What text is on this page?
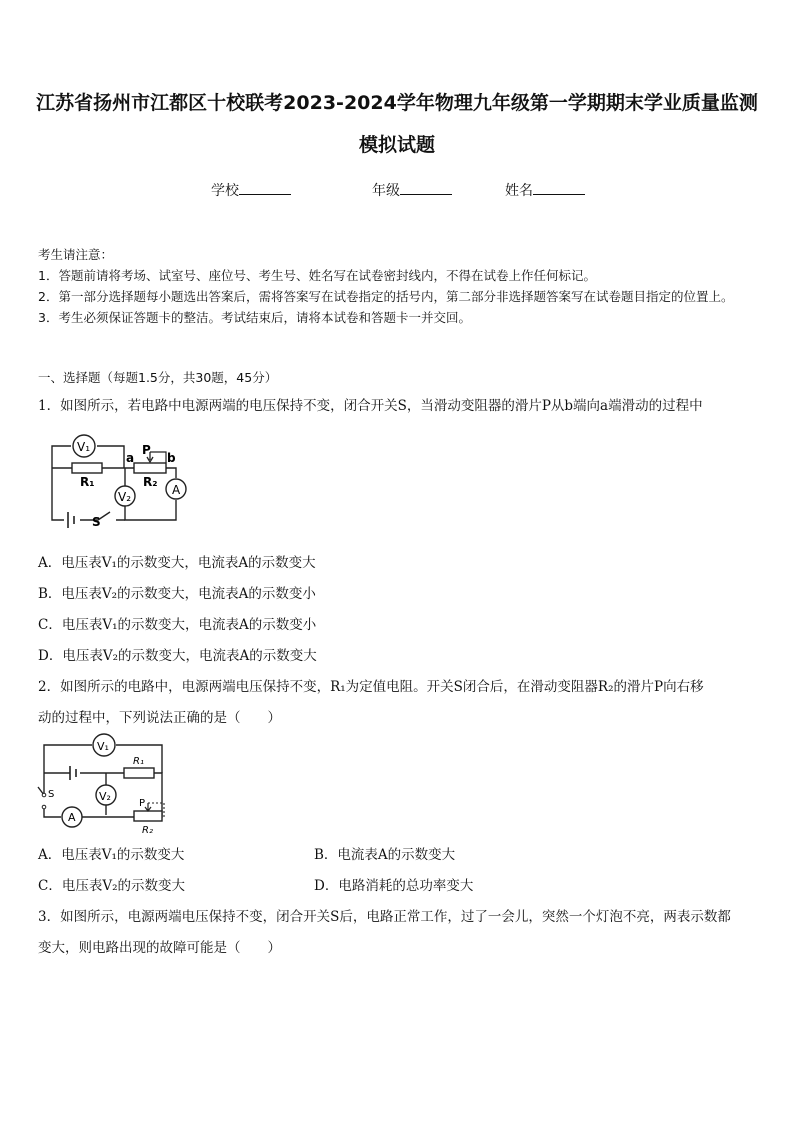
江苏省扬州市江都区十校联考2023-2024学年物理九年级第一学期期末学业质量监测
模拟试题
学校	年级	姓名

考生请注意：

1．答题前请将考场、试室号、座位号、考生号、姓名写在试卷密封线内，不得在试卷上作任何标记。

2．第一部分选择题每小题选出答案后，需将答案写在试卷指定的括号内，第二部分非选择题答案写在试卷题目指定的位置上。

3．考生必须保证答题卡的整洁。考试结束后，请将本试卷和答题卡一并交回。

一、选择题（每题1.5分，共30题，45分）
1．如图所示，若电路中电源两端的电压保持不变，闭合开关S，当滑动变阻器的滑片P从b端向a端滑动的过程中
V₁
R₁	R₂
P
a	b
A
V₂
S
A．电压表V₁的示数变大，电流表A的示数变大
B．电压表V₂的示数变大，电流表A的示数变小
C．电压表V₁的示数变大，电流表A的示数变小
D．电压表V₂的示数变大，电流表A的示数变大
2．如图所示的电路中，电源两端电压保持不变，R₁为定值电阻。开关S闭合后，在滑动变阻器R₂的滑片P向右移
动的过程中，下列说法正确的是（　　）
V₁
R₁
V₂
S
A
P
R₂
A．电压表V₁的示数变大	B．电流表A的示数变大
C．电压表V₂的示数变大	D．电路消耗的总功率变大
3．如图所示，电源两端电压保持不变，闭合开关S后，电路正常工作，过了一会儿，突然一个灯泡不亮，两表示数都
变大，则电路出现的故障可能是（　　）
